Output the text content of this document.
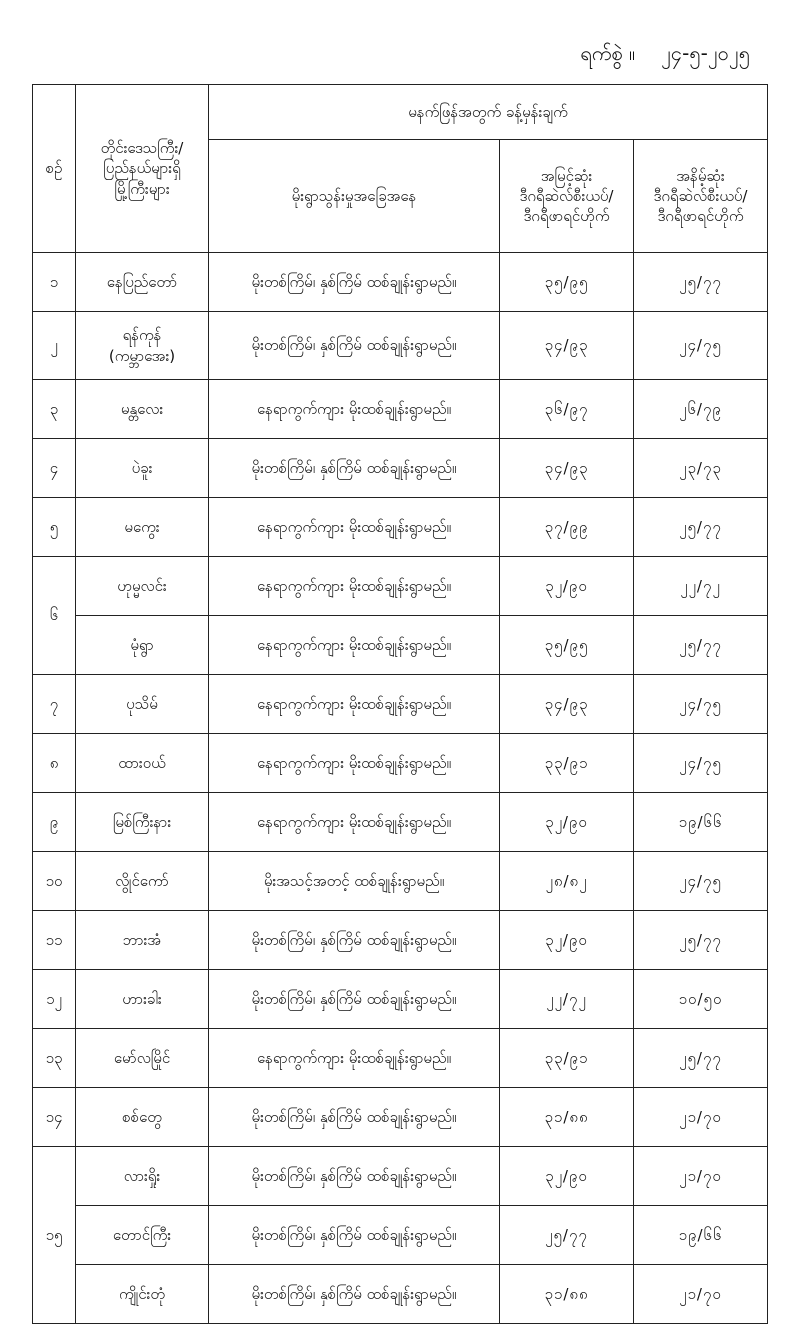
ရက်စွဲ ။ ၂၄-၅-၂၀၂၅
စဉ်	တိုင်းဒေသကြီး/
ပြည်နယ်များရှိ
မြို့ကြီးများ	မနက်ဖြန်အတွက် ခန့်မှန်းချက်		
		မိုးရွာသွန်းမှုအခြေအနေ	အမြင့်ဆုံး
ဒီဂရီဆဲလ်စီးယပ်/
ဒီဂရီဖာရင်ဟိုက်	အနိမ့်ဆုံး
ဒီဂရီဆဲလ်စီးယပ်/
ဒီဂရီဖာရင်ဟိုက်
၁	နေပြည်တော်	မိုးတစ်ကြိမ်၊ နှစ်ကြိမ် ထစ်ချုန်းရွာမည်။	၃၅/၉၅	၂၅/၇၇
၂	ရန်ကုန်
(ကမ္ဘာအေး)	မိုးတစ်ကြိမ်၊ နှစ်ကြိမ် ထစ်ချုန်းရွာမည်။	၃၄/၉၃	၂၄/၇၅
၃	မန္တလေး	နေရာကွက်ကျား မိုးထစ်ချုန်းရွာမည်။	၃၆/၉၇	၂၆/၇၉
၄	ပဲခူး	မိုးတစ်ကြိမ်၊ နှစ်ကြိမ် ထစ်ချုန်းရွာမည်။	၃၄/၉၃	၂၃/၇၃
၅	မကွေး	နေရာကွက်ကျား မိုးထစ်ချုန်းရွာမည်။	၃၇/၉၉	၂၅/၇၇
၆	ဟုမ္မလင်း	နေရာကွက်ကျား မိုးထစ်ချုန်းရွာမည်။	၃၂/၉၀	၂၂/၇၂
	မုံရွာ	နေရာကွက်ကျား မိုးထစ်ချုန်းရွာမည်။	၃၅/၉၅	၂၅/၇၇
၇	ပုသိမ်	နေရာကွက်ကျား မိုးထစ်ချုန်းရွာမည်။	၃၄/၉၃	၂၄/၇၅
၈	ထားဝယ်	နေရာကွက်ကျား မိုးထစ်ချုန်းရွာမည်။	၃၃/၉၁	၂၄/၇၅
၉	မြစ်ကြီးနား	နေရာကွက်ကျား မိုးထစ်ချုန်းရွာမည်။	၃၂/၉၀	၁၉/၆၆
၁၀	လွိုင်ကော်	မိုးအသင့်အတင့် ထစ်ချုန်းရွာမည်။	၂၈/၈၂	၂၄/၇၅
၁၁	ဘားအံ	မိုးတစ်ကြိမ်၊ နှစ်ကြိမ် ထစ်ချုန်းရွာမည်။	၃၂/၉၀	၂၅/၇၇
၁၂	ဟားခါး	မိုးတစ်ကြိမ်၊ နှစ်ကြိမ် ထစ်ချုန်းရွာမည်။	၂၂/၇၂	၁၀/၅၀
၁၃	မော်လမြိုင်	နေရာကွက်ကျား မိုးထစ်ချုန်းရွာမည်။	၃၃/၉၁	၂၅/၇၇
၁၄	စစ်တွေ	မိုးတစ်ကြိမ်၊ နှစ်ကြိမ် ထစ်ချုန်းရွာမည်။	၃၁/၈၈	၂၁/၇၀
၁၅	လားရှိုး	မိုးတစ်ကြိမ်၊ နှစ်ကြိမ် ထစ်ချုန်းရွာမည်။	၃၂/၉၀	၂၁/၇၀
	တောင်ကြီး	မိုးတစ်ကြိမ်၊ နှစ်ကြိမ် ထစ်ချုန်းရွာမည်။	၂၅/၇၇	၁၉/၆၆
	ကျိုင်းတုံ	မိုးတစ်ကြိမ်၊ နှစ်ကြိမ် ထစ်ချုန်းရွာမည်။	၃၁/၈၈	၂၁/၇၀
